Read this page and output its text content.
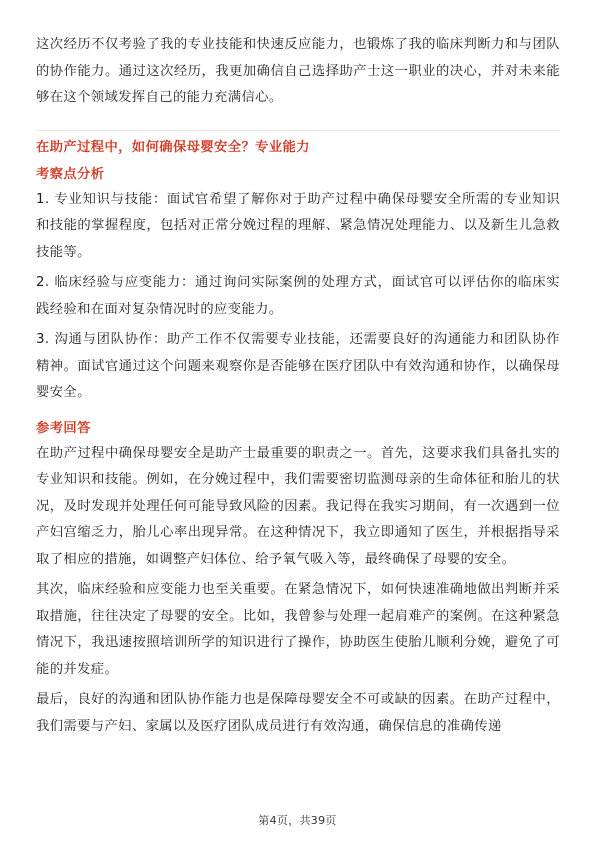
这次经历不仅考验了我的专业技能和快速反应能力，也锻炼了我的临床判断力和与团队的协作能力。通过这次经历，我更加确信自己选择助产士这一职业的决心，并对未来能够在这个领域发挥自己的能力充满信心。

在助产过程中，如何确保母婴安全？专业能力
考察点分析

1. 专业知识与技能：面试官希望了解你对于助产过程中确保母婴安全所需的专业知识和技能的掌握程度，包括对正常分娩过程的理解、紧急情况处理能力、以及新生儿急救技能等。

2. 临床经验与应变能力：通过询问实际案例的处理方式，面试官可以评估你的临床实践经验和在面对复杂情况时的应变能力。

3. 沟通与团队协作：助产工作不仅需要专业技能，还需要良好的沟通能力和团队协作精神。面试官通过这个问题来观察你是否能够在医疗团队中有效沟通和协作，以确保母婴安全。

参考回答

在助产过程中确保母婴安全是助产士最重要的职责之一。首先，这要求我们具备扎实的专业知识和技能。例如，在分娩过程中，我们需要密切监测母亲的生命体征和胎儿的状况，及时发现并处理任何可能导致风险的因素。我记得在我实习期间，有一次遇到一位产妇宫缩乏力，胎儿心率出现异常。在这种情况下，我立即通知了医生，并根据指导采取了相应的措施，如调整产妇体位、给予氧气吸入等，最终确保了母婴的安全。

其次，临床经验和应变能力也至关重要。在紧急情况下，如何快速准确地做出判断并采取措施，往往决定了母婴的安全。比如，我曾参与处理一起肩难产的案例。在这种紧急情况下，我迅速按照培训所学的知识进行了操作，协助医生使胎儿顺利分娩，避免了可能的并发症。

最后，良好的沟通和团队协作能力也是保障母婴安全不可或缺的因素。在助产过程中，我们需要与产妇、家属以及医疗团队成员进行有效沟通，确保信息的准确传递

第4页，共39页
